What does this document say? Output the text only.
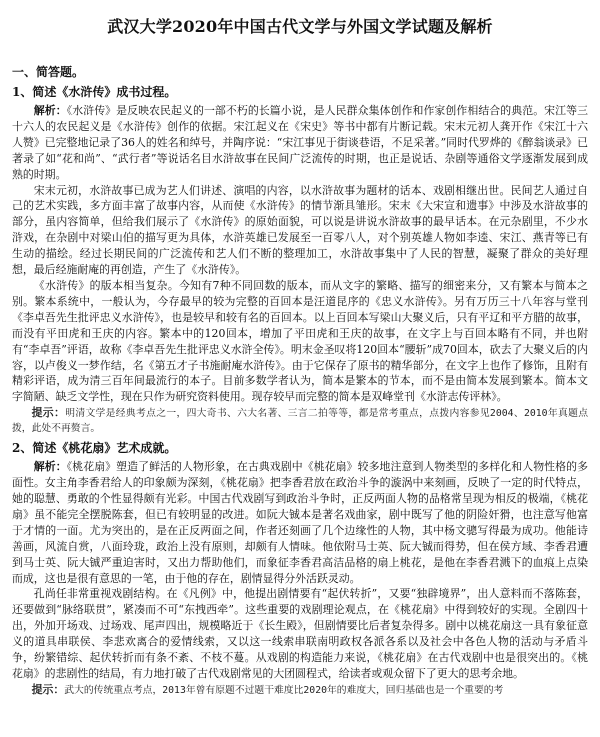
武汉大学2020年中国古代文学与外国文学试题及解析
一、简答题。
1、简述《水浒传》成书过程。

解析：《水浒传》是反映农民起义的一部不朽的长篇小说，是人民群众集体创作和作家创作相结合的典范。宋江等三十六人的农民起义是《水浒传》创作的依据。宋江起义在《宋史》等书中都有片断记载。宋末元初人龚开作《宋江十六人赞》已完整地记录了36人的姓名和绰号，并陶序说：“宋江事见于街谈巷语，不足采著。”同时代罗烨的《醉翁谈录》已著录了如“花和尚”、“武行者”等说话名目水浒故事在民间广泛流传的时期，也正是说话、杂剧等通俗文学逐渐发展到成熟的时期。

宋末元初，水浒故事已成为艺人们讲述、演唱的内容，以水浒故事为题材的话本、戏剧相继出世。民间艺人通过自己的艺术实践，多方面丰富了故事内容，从而使《水浒传》的情节渐具雏形。宋末《大宋宣和遗事》中涉及水浒故事的部分，虽内容简单，但给我们展示了《水浒传》的原始面貌，可以说是讲说水浒故事的最早话本。在元杂剧里，不少水浒戏，在杂剧中对梁山伯的描写更为具体，水浒英雄已发展至一百零八人，对个别英雄人物如李逵、宋江、燕青等已有生动的描绘。经过长期民间的广泛流传和艺人们不断的整理加工，水浒故事集中了人民的智慧，凝聚了群众的美好理想，最后经施耐庵的再创造，产生了《水浒传》。

《水浒传》的版本相当复杂。今知有7种不同回数的版本，而从文字的繁略、描写的细密来分，又有繁本与简本之别。繁本系统中，一般认为，今存最早的较为完整的百回本是汪道昆序的《忠义水浒传》。另有万历三十八年容与堂刊《李卓吾先生批评忠义水浒传》，也是较早和较有名的百回本。以上百回本写梁山大聚义后，只有平辽和平方腊的故事，而没有平田虎和王庆的内容。繁本中的120回本，增加了平田虎和王庆的故事，在文字上与百回本略有不同，并也附有“李卓吾”评语，故称《李卓吾先生批评忠义水浒全传》。明末金圣叹将120回本“腰斩”成70回本，砍去了大聚义后的内容，以卢俊义一梦作结，名《第五才子书施耐庵水浒传》。由于它保存了原书的精华部分，在文字上也作了修饰，且附有精彩评语，成为清三百年间最流行的本子。目前多数学者认为，简本是繁本的节本，而不是由简本发展到繁本。简本文字简陋、缺乏文学性，现在只作为研究资料使用。现存较早而完整的简本是双峰堂刊《水浒志传评林》。

提示：明清文学是经典考点之一，四大奇书、六大名著、三言二拍等等，都是常考重点，点拨内容参见2004、2010年真题点拨，此处不再赘言。

2、简述《桃花扇》艺术成就。

解析：《桃花扇》塑造了鲜活的人物形象，在古典戏剧中《桃花扇》较多地注意到人物类型的多样化和人物性格的多面性。女主角李香君给人的印象颇为深刻，《桃花扇》把李香君放在政治斗争的漩涡中来刻画，反映了一定的时代特点，她的聪慧、勇敢的个性显得颇有光彩。中国古代戏剧写到政治斗争时，正反两面人物的品格常呈现为相反的极端，《桃花扇》虽不能完全摆脱陈套，但已有较明显的改进。如阮大铖本是著名戏曲家，剧中既写了他的阴险奸猾，也注意写他富于才情的一面。尤为突出的，是在正反两面之间，作者还刻画了几个边缘性的人物，其中杨文骢写得最为成功。他能诗善画，风流自赏，八面玲珑，政治上没有原则，却颇有人情味。他依附马士英、阮大铖而得势，但在侯方域、李香君遭到马士英、阮大铖严重迫害时，又出力帮助他们，而象征李香君高洁品格的扇上桃花，是他在李香君溅下的血痕上点染而成，这也是很有意思的一笔，由于他的存在，剧情显得分外活跃灵动。

孔尚任非常重视戏剧结构。在《凡例》中，他提出剧情要有“起伏转折”，又要“独辟境界”，出人意料而不落陈套，还要做到“脉络联贯”，紧凑而不可“东拽西牵”。这些重要的戏剧理论观点，在《桃花扇》中得到较好的实现。全剧四十出，外加开场戏、过场戏、尾声四出，规模略近于《长生殿》，但剧情要比后者复杂得多。剧中以桃花扇这一具有象征意义的道具串联侯、李悲欢离合的爱情线索，又以这一线索串联南明政权各派各系以及社会中各色人物的活动与矛盾斗争，纷繁错综、起伏转折而有条不紊、不枝不蔓。从戏剧的构造能力来说，《桃花扇》在古代戏剧中也是很突出的。《桃花扇》的悲剧性的结局，有力地打破了古代戏剧常见的大团圆程式，给读者或观众留下了更大的思考余地。

提示：武大的传统重点考点，2013年曾有原题不过题干难度比2020年的难度大，回归基础也是一个重要的考
